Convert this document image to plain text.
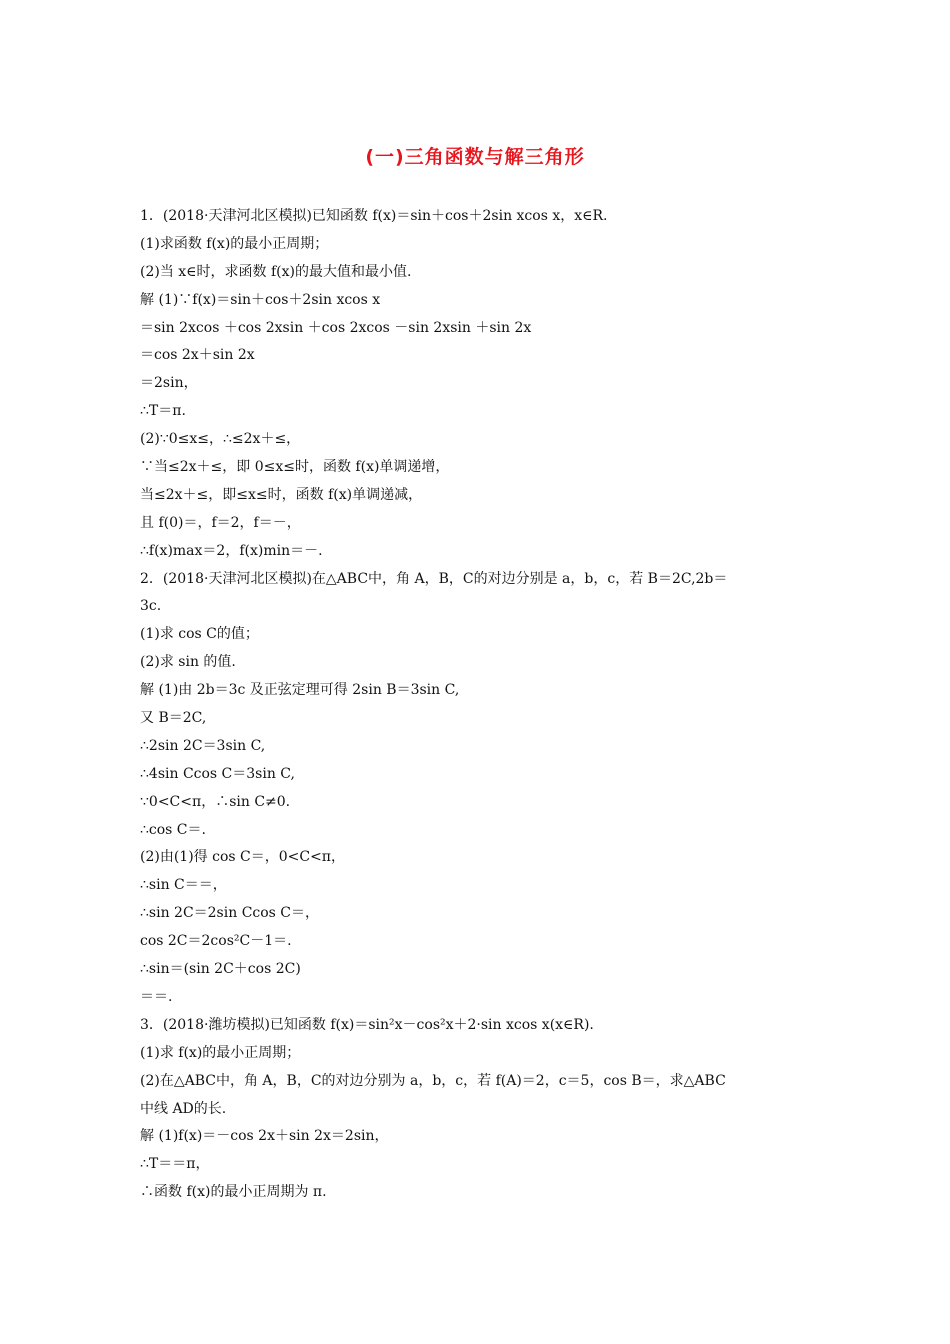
(一)三角函数与解三角形
1．(2018·天津河北区模拟)已知函数 f(x)＝sin＋cos＋2sin xcos x，x∈R.
(1)求函数 f(x)的最小正周期；
(2)当 x∈时，求函数 f(x)的最大值和最小值.
解 (1)∵f(x)＝sin＋cos＋2sin xcos x
＝sin 2xcos ＋cos 2xsin ＋cos 2xcos －sin 2xsin ＋sin 2x
＝cos 2x＋sin 2x
＝2sin，
∴T＝π.
(2)∵0≤x≤，∴≤2x＋≤，
∵当≤2x＋≤，即 0≤x≤时，函数 f(x)单调递增，
当≤2x＋≤，即≤x≤时，函数 f(x)单调递减，
且 f(0)＝，f＝2，f＝－，
∴f(x)max＝2，f(x)min＝－.
2．(2018·天津河北区模拟)在△ABC中，角 A，B，C的对边分别是 a，b，c，若 B＝2C,2b＝
3c.
(1)求 cos C的值；
(2)求 sin 的值.
解 (1)由 2b＝3c 及正弦定理可得 2sin B＝3sin C,
又 B＝2C,
∴2sin 2C＝3sin C,
∴4sin Ccos C＝3sin C,
∵0<C<π，∴sin C≠0.
∴cos C＝.
(2)由(1)得 cos C＝，0<C<π，
∴sin C＝＝，
∴sin 2C＝2sin Ccos C＝，
cos 2C＝2cos²C－1＝.
∴sin＝(sin 2C＋cos 2C)
＝＝.
3．(2018·潍坊模拟)已知函数 f(x)＝sin²x－cos²x＋2·sin xcos x(x∈R).
(1)求 f(x)的最小正周期；
(2)在△ABC中，角 A，B，C的对边分别为 a，b，c，若 f(A)＝2，c＝5，cos B＝，求△ABC
中线 AD的长.
解 (1)f(x)＝－cos 2x＋sin 2x＝2sin，
∴T＝＝π，
∴函数 f(x)的最小正周期为 π.
